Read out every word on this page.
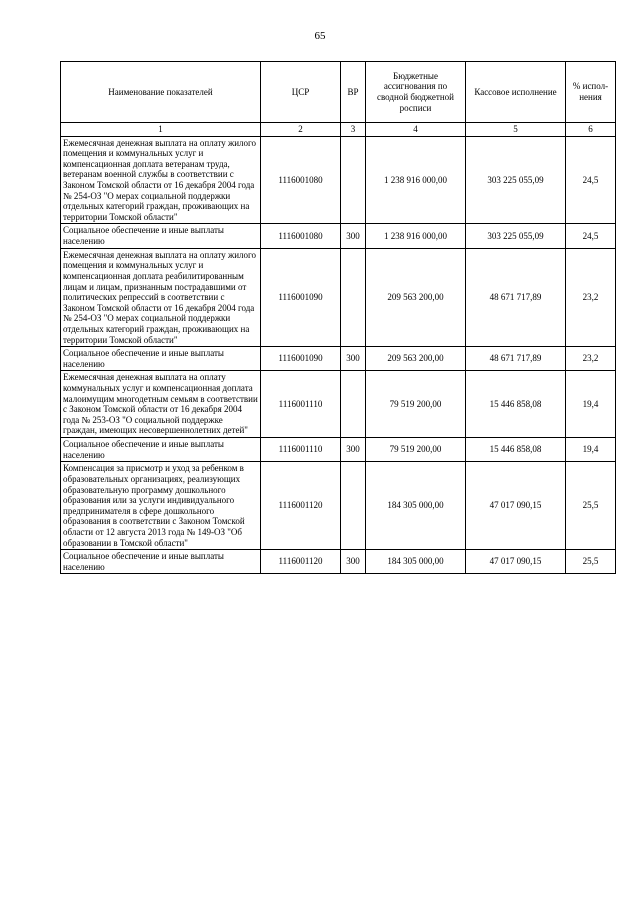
65
Наименование показателей	ЦСР	ВР	Бюджетные ассигнования по сводной бюджетной росписи	Кассовое исполнение	% испол-нения
1	2	3	4	5	6
Ежемесячная денежная выплата на оплату жилого помещения и коммунальных услуг и компенсационная доплата ветеранам труда, ветеранам военной службы в соответствии с Законом Томской области от 16 декабря 2004 года № 254-ОЗ "О мерах социальной поддержки отдельных категорий граждан, проживающих на территории Томской области"	1116001080		1 238 916 000,00	303 225 055,09	24,5
Социальное обеспечение и иные выплаты населению	1116001080	300	1 238 916 000,00	303 225 055,09	24,5
Ежемесячная денежная выплата на оплату жилого помещения и коммунальных услуг и компенсационная доплата реабилитированным лицам и лицам, признанным пострадавшими от политических репрессий в соответствии с Законом Томской области от 16 декабря 2004 года № 254-ОЗ "О мерах социальной поддержки отдельных категорий граждан, проживающих на территории Томской области"	1116001090		209 563 200,00	48 671 717,89	23,2
Социальное обеспечение и иные выплаты населению	1116001090	300	209 563 200,00	48 671 717,89	23,2
Ежемесячная денежная выплата на оплату коммунальных услуг и компенсационная доплата малоимущим многодетным семьям в соответствии с Законом Томской области от 16 декабря 2004 года № 253-ОЗ "О социальной поддержке граждан, имеющих несовершеннолетних детей"	1116001110		79 519 200,00	15 446 858,08	19,4
Социальное обеспечение и иные выплаты населению	1116001110	300	79 519 200,00	15 446 858,08	19,4
Компенсация за присмотр и уход за ребенком в образовательных организациях, реализующих образовательную программу дошкольного образования или за услуги индивидуального предпринимателя в сфере дошкольного образования в соответствии с Законом Томской области от 12 августа 2013 года № 149-ОЗ "Об образовании в Томской области"	1116001120		184 305 000,00	47 017 090,15	25,5
Социальное обеспечение и иные выплаты населению	1116001120	300	184 305 000,00	47 017 090,15	25,5
